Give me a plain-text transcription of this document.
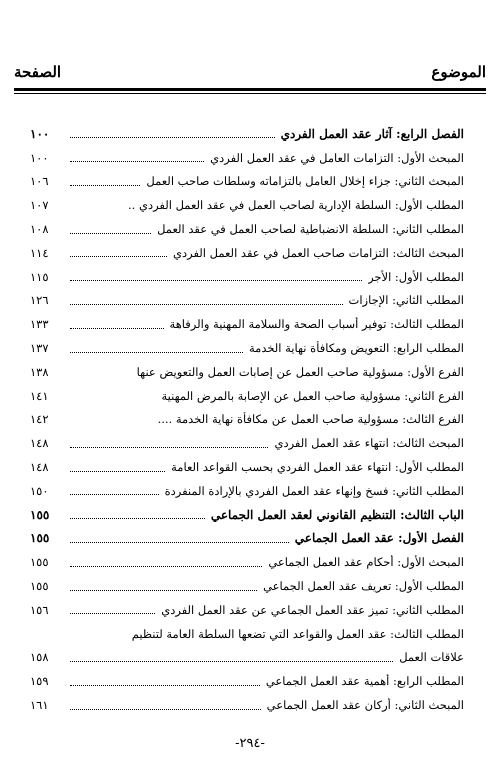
الصفحة	الموضوع
الفصل الرابع: آثار عقد العمل الفردي
١٠٠
المبحث الأول: التزامات العامل في عقد العمل الفردي
١٠٠
المبحث الثاني: جزاء إخلال العامل بالتزاماته وسلطات صاحب العمل
١٠٦
المطلب الأول: السلطة الإدارية لصاحب العمل في عقد العمل الفردي ..
١٠٧
المطلب الثاني: السلطة الانضباطية لصاحب العمل في عقد العمل
١٠٨
المبحث الثالث: التزامات صاحب العمل في عقد العمل الفردي
١١٤
المطلب الأول: الأجر
١١٥
المطلب الثاني: الإجازات
١٢٦
المطلب الثالث: توفير أسباب الصحة والسلامة المهنية والرفاهة
١٣٣
المطلب الرابع: التعويض ومكافأة نهاية الخدمة
١٣٧
الفرع الأول: مسؤولية صاحب العمل عن إصابات العمل والتعويض عنها
١٣٨
الفرع الثاني: مسؤولية صاحب العمل عن الإصابة بالمرض المهنية
١٤١
الفرع الثالث: مسؤولية صاحب العمل عن مكافأة نهاية الخدمة ....
١٤٢
المبحث الثالث: انتهاء عقد العمل الفردي
١٤٨
المطلب الأول: انتهاء عقد العمل الفردي بحسب القواعد العامة
١٤٨
المطلب الثاني: فسخ وإنهاء عقد العمل الفردي بالإرادة المنفردة
١٥٠
الباب الثالث: التنظيم القانوني لعقد العمل الجماعي
١٥٥
الفصل الأول: عقد العمل الجماعي
١٥٥
المبحث الأول: أحكام عقد العمل الجماعي
١٥٥
المطلب الأول: تعريف عقد العمل الجماعي
١٥٥
المطلب الثاني: تميز عقد العمل الجماعي عن عقد العمل الفردي
١٥٦
المطلب الثالث: عقد العمل والقواعد التي تضعها السلطة العامة لتنظيم
علاقات العمل
١٥٨
المطلب الرابع: أهمية عقد العمل الجماعي
١٥٩
المبحث الثاني: أركان عقد العمل الجماعي
١٦١
-٢٩٤-
